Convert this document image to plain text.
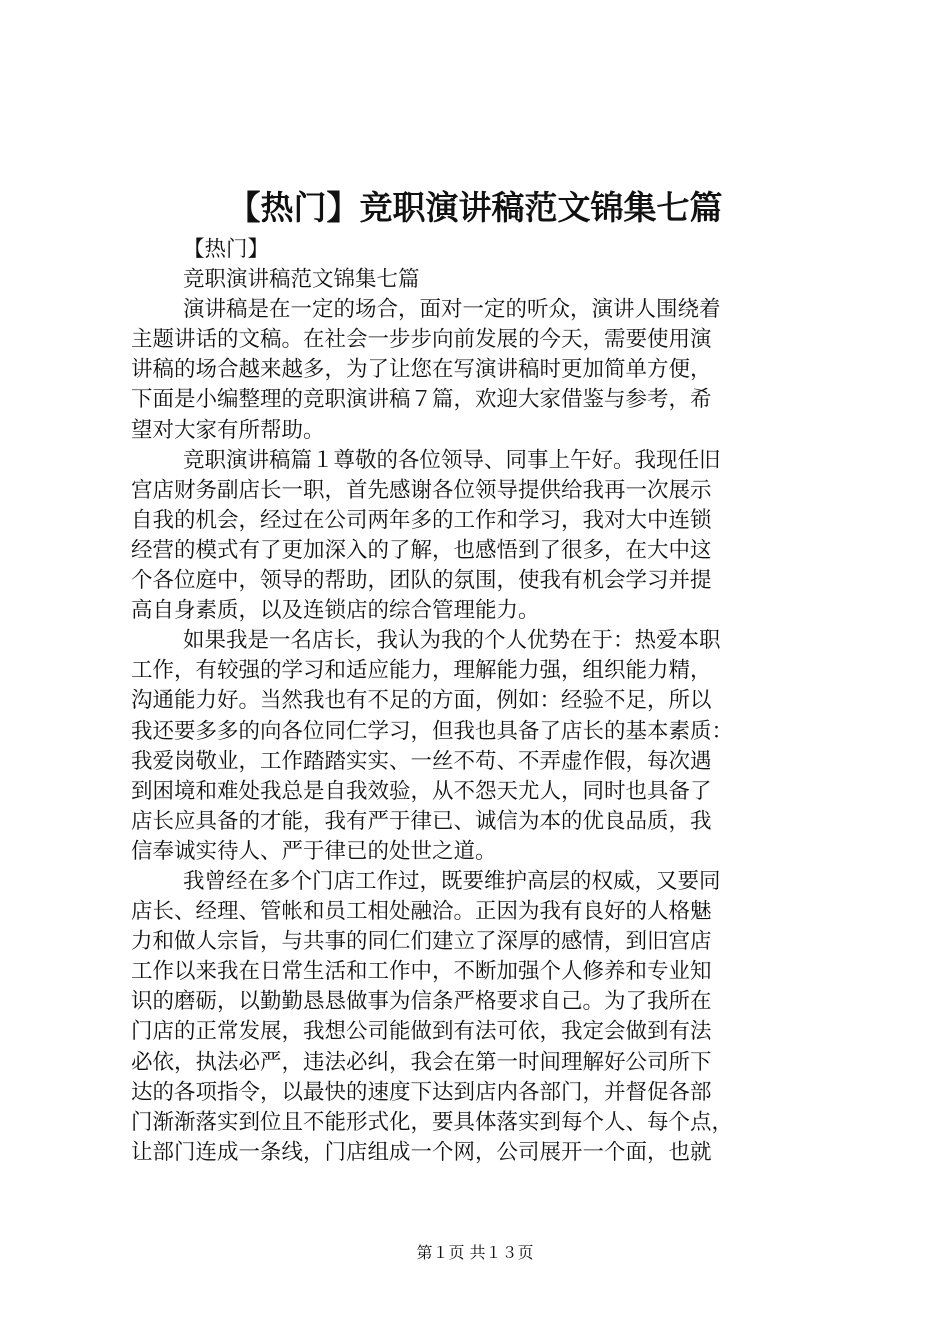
【热门】竞职演讲稿范文锦集七篇
【热门】
竞职演讲稿范文锦集七篇
演讲稿是在一定的场合，面对一定的听众，演讲人围绕着
主题讲话的文稿。在社会一步步向前发展的今天，需要使用演
讲稿的场合越来越多，为了让您在写演讲稿时更加简单方便，
下面是小编整理的竞职演讲稿７篇，欢迎大家借鉴与参考，希
望对大家有所帮助。
竞职演讲稿篇１尊敬的各位领导、同事上午好。我现任旧
宫店财务副店长一职，首先感谢各位领导提供给我再一次展示
自我的机会，经过在公司两年多的工作和学习，我对大中连锁
经营的模式有了更加深入的了解，也感悟到了很多，在大中这
个各位庭中，领导的帮助，团队的氛围，使我有机会学习并提
高自身素质，以及连锁店的综合管理能力。
如果我是一名店长，我认为我的个人优势在于：热爱本职
工作，有较强的学习和适应能力，理解能力强，组织能力精，
沟通能力好。当然我也有不足的方面，例如：经验不足，所以
我还要多多的向各位同仁学习，但我也具备了店长的基本素质：
我爱岗敬业，工作踏踏实实、一丝不苟、不弄虚作假，每次遇
到困境和难处我总是自我效验，从不怨天尤人，同时也具备了
店长应具备的才能，我有严于律已、诚信为本的优良品质，我
信奉诚实待人、严于律已的处世之道。
我曾经在多个门店工作过，既要维护高层的权威，又要同
店长、经理、管帐和员工相处融洽。正因为我有良好的人格魅
力和做人宗旨，与共事的同仁们建立了深厚的感情，到旧宫店
工作以来我在日常生活和工作中，不断加强个人修养和专业知
识的磨砺，以勤勤恳恳做事为信条严格要求自己。为了我所在
门店的正常发展，我想公司能做到有法可依，我定会做到有法
必依，执法必严，违法必纠，我会在第一时间理解好公司所下
达的各项指令，以最快的速度下达到店内各部门，并督促各部
门渐渐落实到位且不能形式化，要具体落实到每个人、每个点，
让部门连成一条线，门店组成一个网，公司展开一个面，也就
第１页 共１３页
